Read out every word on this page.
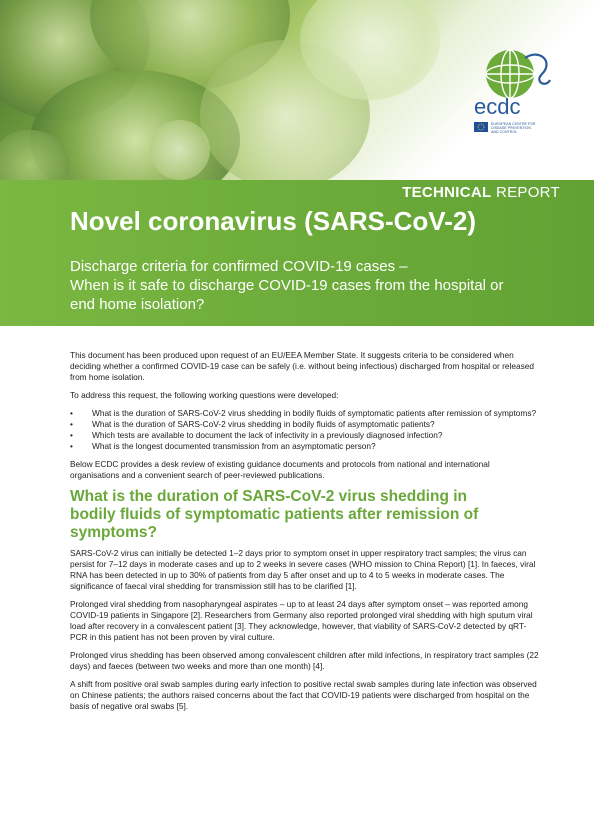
ecdc
EUROPEAN CENTRE FOR
DISEASE PREVENTION
AND CONTROL
TECHNICAL REPORT
Novel coronavirus (SARS-CoV-2)
Discharge criteria for confirmed COVID-19 cases –
When is it safe to discharge COVID-19 cases from the hospital or
end home isolation?

This document has been produced upon request of an EU/EEA Member State. It suggests criteria to be considered when deciding whether a confirmed COVID-19 case can be safely (i.e. without being infectious) discharged from hospital or released from home isolation.

To address this request, the following working questions were developed:

• What is the duration of SARS-CoV-2 virus shedding in bodily fluids of symptomatic patients after remission of symptoms?
• What is the duration of SARS-CoV-2 virus shedding in bodily fluids of asymptomatic patients?
• Which tests are available to document the lack of infectivity in a previously diagnosed infection?
• What is the longest documented transmission from an asymptomatic person?

Below ECDC provides a desk review of existing guidance documents and protocols from national and international organisations and a convenient search of peer-reviewed publications.

What is the duration of SARS-CoV-2 virus shedding in
bodily fluids of symptomatic patients after remission of
symptoms?

SARS-CoV-2 virus can initially be detected 1–2 days prior to symptom onset in upper respiratory tract samples; the virus can persist for 7–12 days in moderate cases and up to 2 weeks in severe cases (WHO mission to China Report) [1]. In faeces, viral RNA has been detected in up to 30% of patients from day 5 after onset and up to 4 to 5 weeks in moderate cases. The significance of faecal viral shedding for transmission still has to be clarified [1].

Prolonged viral shedding from nasopharyngeal aspirates – up to at least 24 days after symptom onset – was reported among COVID-19 patients in Singapore [2]. Researchers from Germany also reported prolonged viral shedding with high sputum viral load after recovery in a convalescent patient [3]. They acknowledge, however, that viability of SARS-CoV-2 detected by qRT-PCR in this patient has not been proven by viral culture.

Prolonged virus shedding has been observed among convalescent children after mild infections, in respiratory tract samples (22 days) and faeces (between two weeks and more than one month) [4].

A shift from positive oral swab samples during early infection to positive rectal swab samples during late infection was observed on Chinese patients; the authors raised concerns about the fact that COVID-19 patients were discharged from hospital on the basis of negative oral swabs [5].
